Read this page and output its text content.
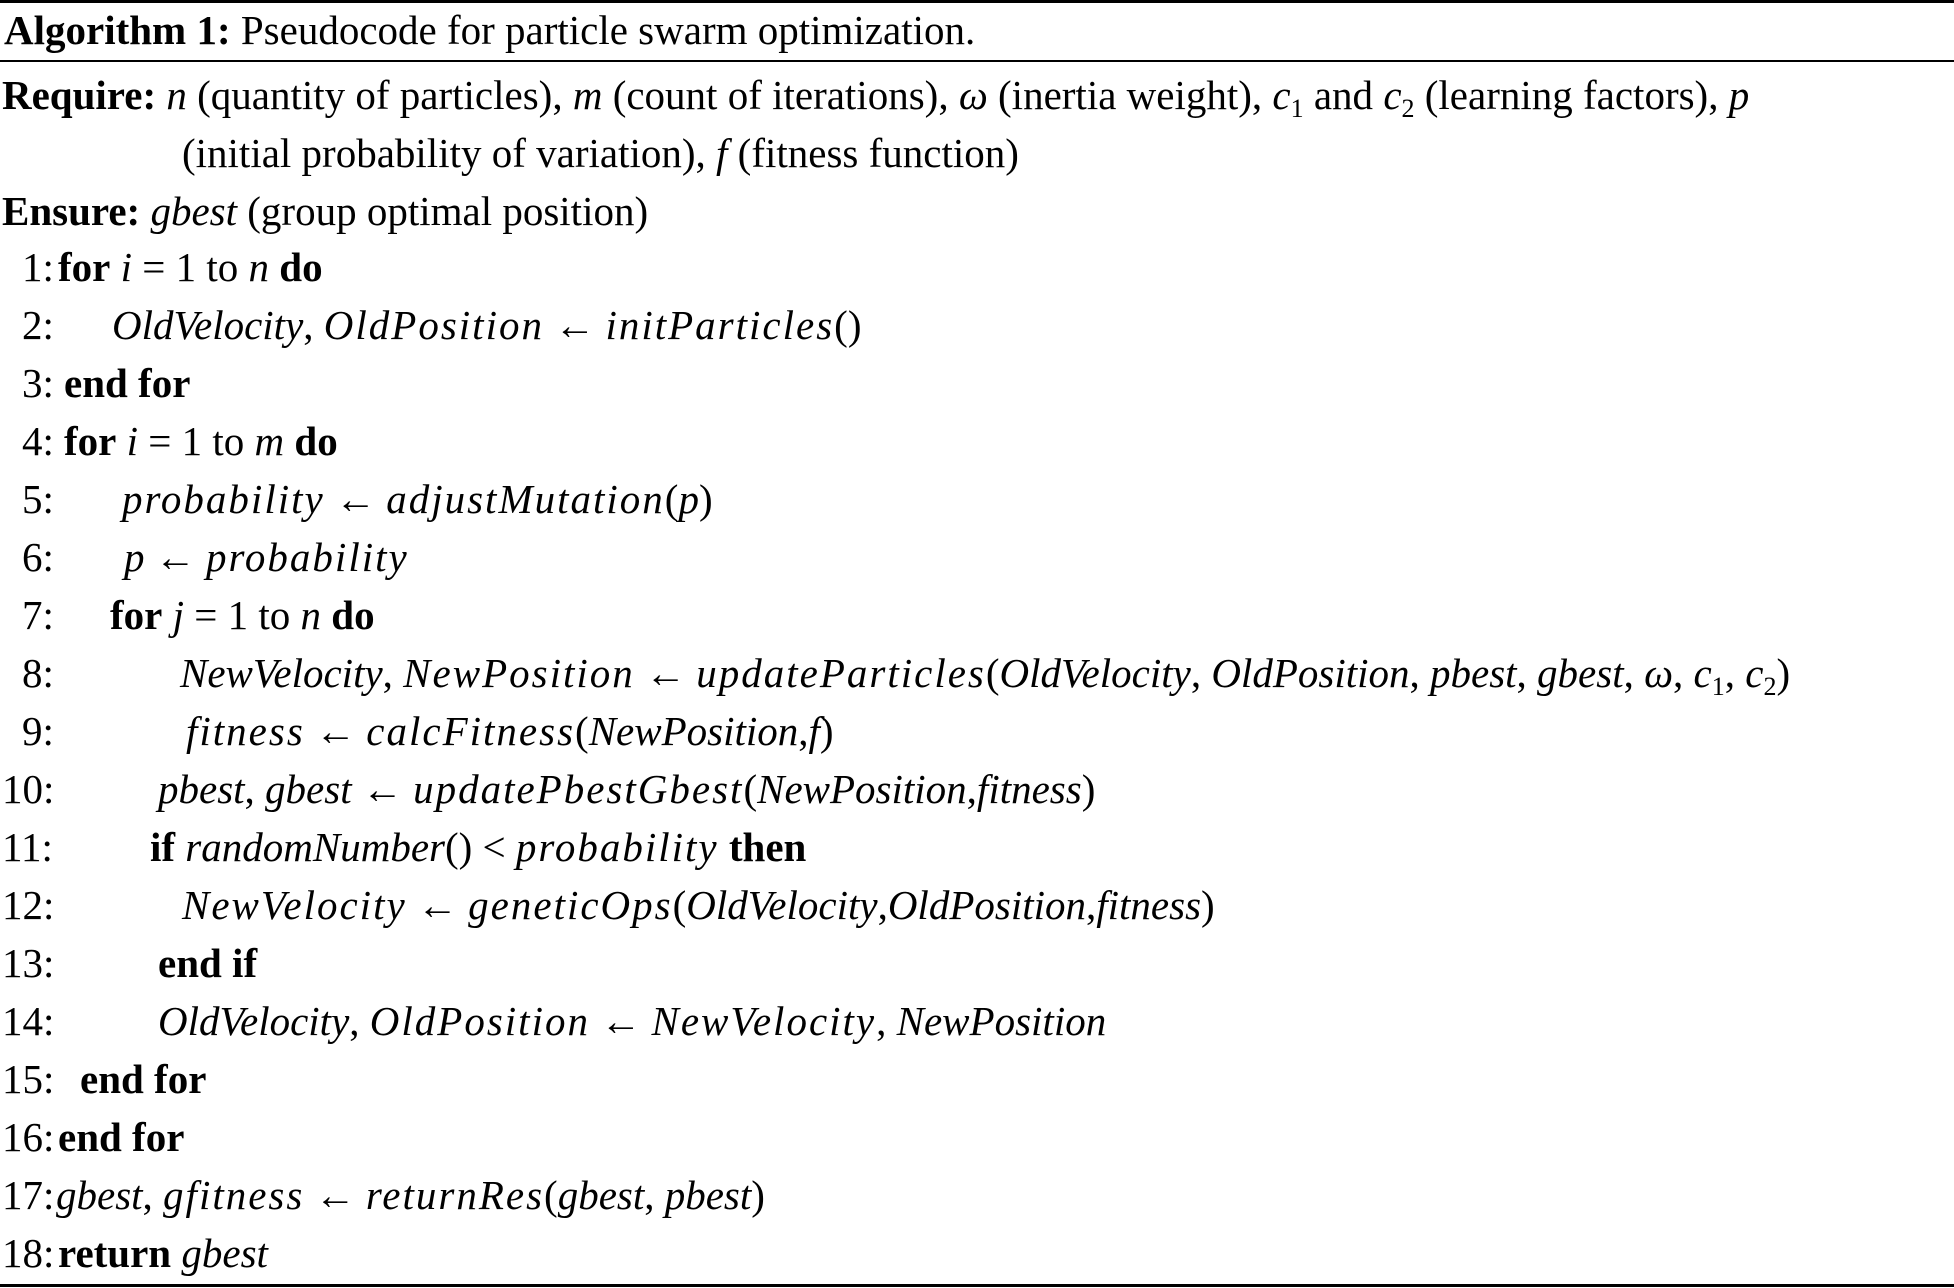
Algorithm 1: Pseudocode for particle swarm optimization.
Require: n (quantity of particles), m (count of iterations), ω (inertia weight), $c_1$ and $c_2$ (learning factors), p
(initial probability of variation), f (fitness function)
Ensure: gbest (group optimal position)
1: for i = 1 to n do
2: OldVelocity, OldPosition ← initParticles()
3: end for
4: for i = 1 to m do
5: probability ← adjustMutation(p)
6: p ← probability
7: for j = 1 to n do
8:	NewVelocity, NewPosition ← updateParticles(OldVelocity, OldPosition, pbest, gbest, ω, $c_1$, $c_2$)
9:	fitness ← calcFitness(NewPosition,f)
10:	pbest, gbest ← updatePbestGbest(NewPosition,fitness)
11: if randomNumber() < probability then
12:	NewVelocity ← geneticOps(OldVelocity,OldPosition,fitness)
13:	end if
14:	OldVelocity, OldPosition ← NewVelocity, NewPosition
15: end for
16: end for
17: gbest, gfitness ← returnRes(gbest, pbest)
18: return gbest
